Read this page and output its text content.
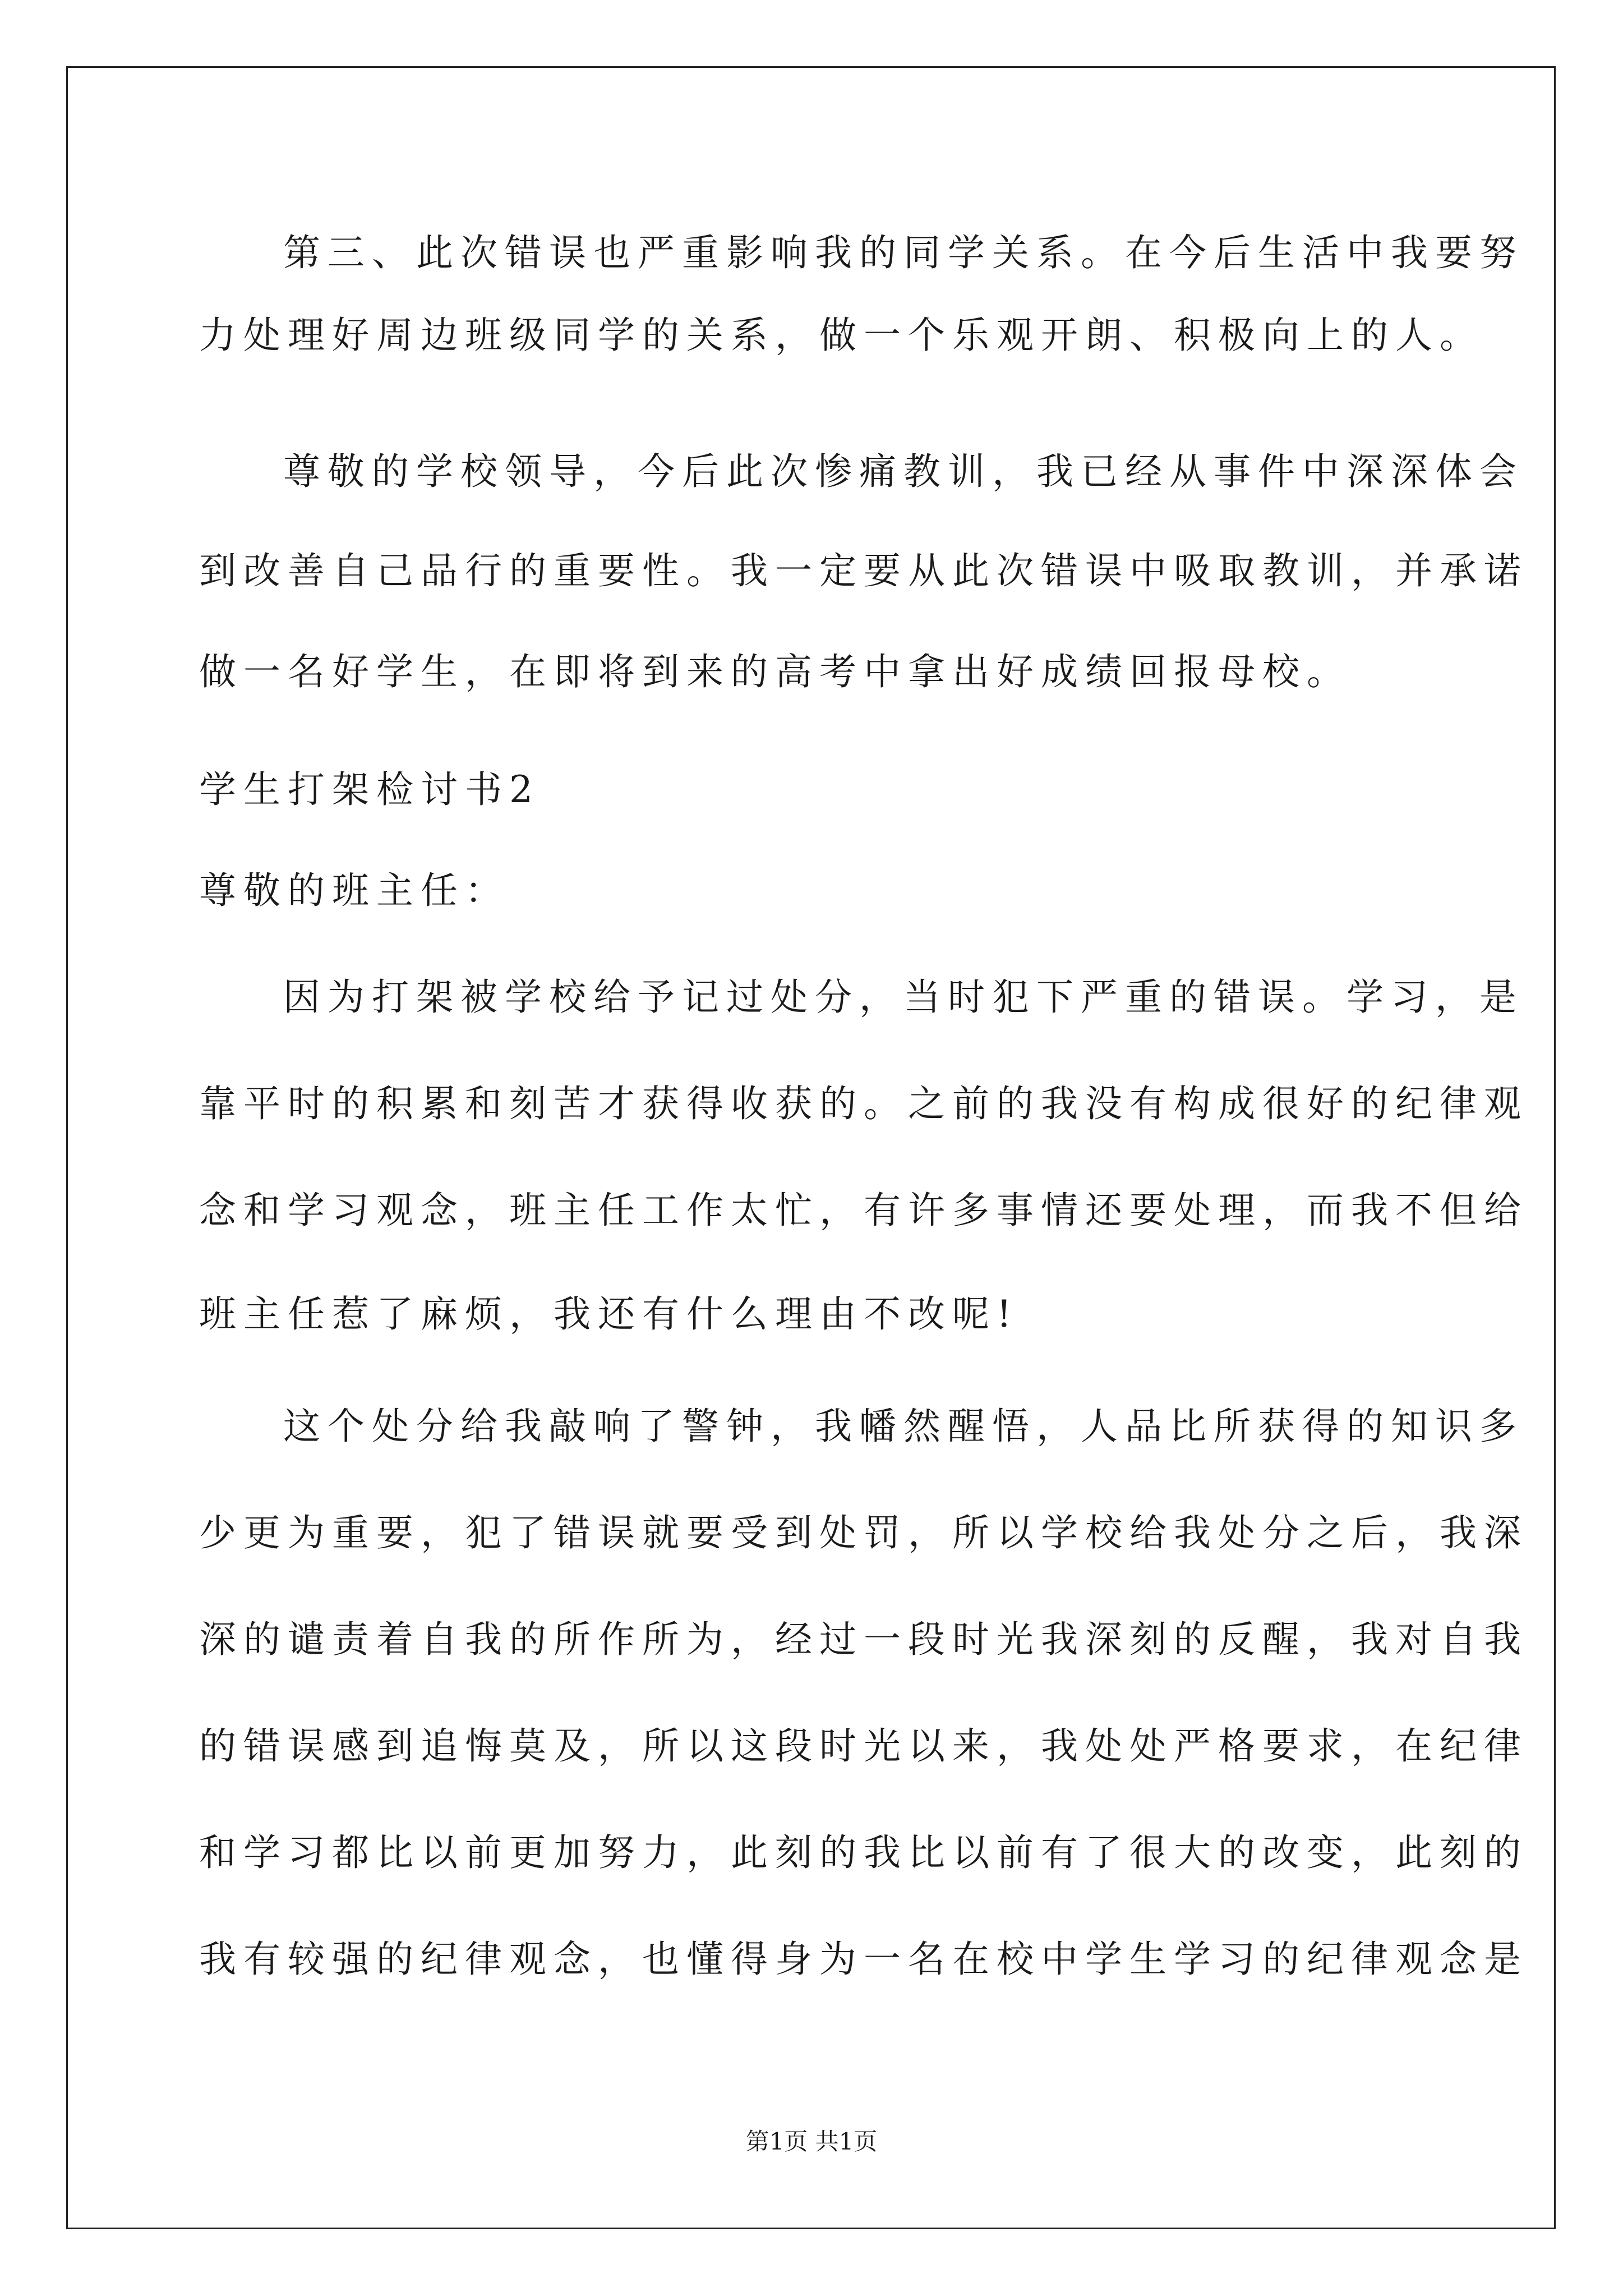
第三、此次错误也严重影响我的同学关系。在今后生活中我要努
力处理好周边班级同学的关系，做一个乐观开朗、积极向上的人。
尊敬的学校领导，今后此次惨痛教训，我已经从事件中深深体会
到改善自己品行的重要性。我一定要从此次错误中吸取教训，并承诺
做一名好学生，在即将到来的高考中拿出好成绩回报母校。
学生打架检讨书2
尊敬的班主任：
因为打架被学校给予记过处分，当时犯下严重的错误。学习，是
靠平时的积累和刻苦才获得收获的。之前的我没有构成很好的纪律观
念和学习观念，班主任工作太忙，有许多事情还要处理，而我不但给
班主任惹了麻烦，我还有什么理由不改呢!
这个处分给我敲响了警钟，我幡然醒悟，人品比所获得的知识多
少更为重要，犯了错误就要受到处罚，所以学校给我处分之后，我深
深的谴责着自我的所作所为，经过一段时光我深刻的反醒，我对自我
的错误感到追悔莫及，所以这段时光以来，我处处严格要求，在纪律
和学习都比以前更加努力，此刻的我比以前有了很大的改变，此刻的
我有较强的纪律观念，也懂得身为一名在校中学生学习的纪律观念是
第1页 共1页
